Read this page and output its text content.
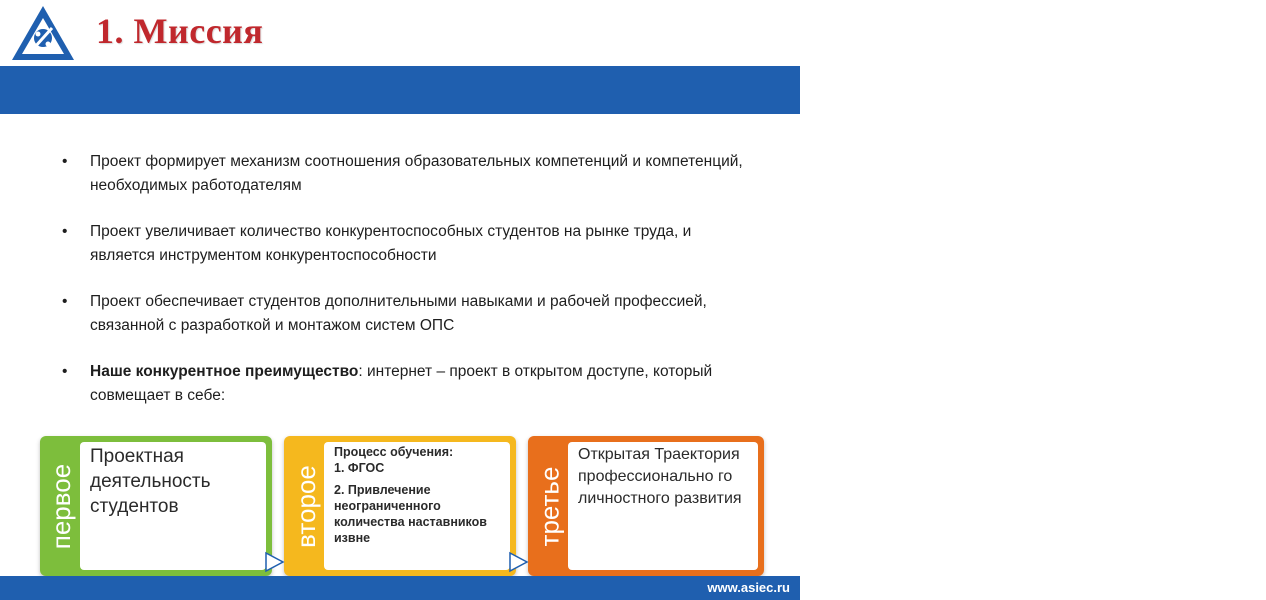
1. Миссия
• Проект формирует механизм соотношения образовательных компетенций и компетенций, необходимых работодателям
• Проект увеличивает количество конкурентоспособных студентов на рынке труда, и является инструментом конкурентоспособности
• Проект обеспечивает студентов дополнительными навыками и рабочей профессией, связанной с разработкой и монтажом систем ОПС
• Наше конкурентное преимущество: интернет – проект в открытом доступе, который совмещает в себе:
первое
Проектная деятельность студентов	второе
Процесс обучения:
1. ФГОС
2. Привлечение неограниченного количества наставников извне	третье
Открытая Траектория профессионально го личностного развития
MyShared
www.asiec.ru
